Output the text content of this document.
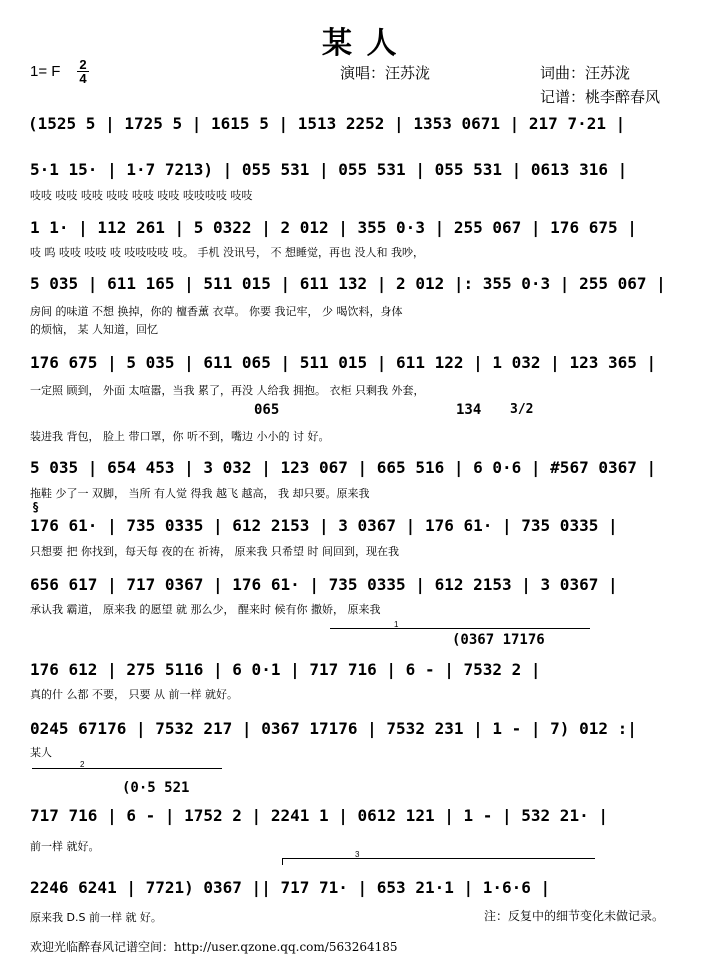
某 人
1= F 2
4	演唱：汪苏泷	词曲：汪苏泷
记谱：桃李醉春风
(1525 5 | 1725 5 | 1615 5 | 1513 2252 | 1353 0671 | 217 7·21 |
5·1 15· | 1·7 7213) | 055 531 | 055 531 | 055 531 | 0613 316 |
吱吱 吱吱 吱吱 吱吱 吱吱 吱吱 吱吱吱吱 吱吱
1 1· | 112 261 | 5 0322 | 2 012 | 355 0·3 | 255 067 | 176 675 |
吱 呜 吱吱 吱吱 吱 吱吱吱吱 吱。 手机 没讯号， 不 想睡觉，再也 没人和 我吵，
5 035 | 611 165 | 511 015 | 611 132 | 2 012 |: 355 0·3 | 255 067 |
房间 的味道 不想 换掉，你的 檀香薰 衣草。 你要 我记牢， 少 喝饮料，身体
的烦恼， 某 人知道，回忆
176 675 | 5 035 | 611 065 | 511 015 | 611 122 | 1 032 | 123 365 |
一定照 顾到， 外面 太喧嚣，当我 累了，再没 人给我 拥抱。 衣柜 只剩我 外套，
065	134 3/2
装进我 背包， 脸上 带口罩，你 听不到，嘴边 小小的 讨 好。
5 035 | 654 453 | 3 032 | 123 067 | 665 516 | 6 0·6 | #567 0367 |
拖鞋 少了一 双脚， 当所 有人觉 得我 越飞 越高， 我 却只要。原来我
§
176 61· | 735 0335 | 612 2153 | 3 0367 | 176 61· | 735 0335 |
只想要 把 你找到，每天每 夜的在 祈祷， 原来我 只希望 时 间回到，现在我
656 617 | 717 0367 | 176 61· | 735 0335 | 612 2153 | 3 0367 |
承认我 霸道， 原来我 的愿望 就 那么少， 醒来时 候有你 撒娇， 原来我
1
(0367 17176
176 612 | 275 5116 | 6 0·1 | 717 716 | 6 - | 7532 2 |
真的什 么都 不要， 只要 从 前一样 就好。
0245 67176 | 7532 217 | 0367 17176 | 7532 231 | 1 - | 7) 012 :|
某人
2
(0·5 521
717 716 | 6 - | 1752 2 | 2241 1 | 0612 121 | 1 - | 532 21· |
前一样 就好。
3
2246 6241 | 7721) 0367 || 717 71· | 653 21·1 | 1·6·6 |
原来我 D.S 前一样 就 好。	注：反复中的细节变化未做记录。
欢迎光临醉春风记谱空间：http://user.qzone.qq.com/563264185
